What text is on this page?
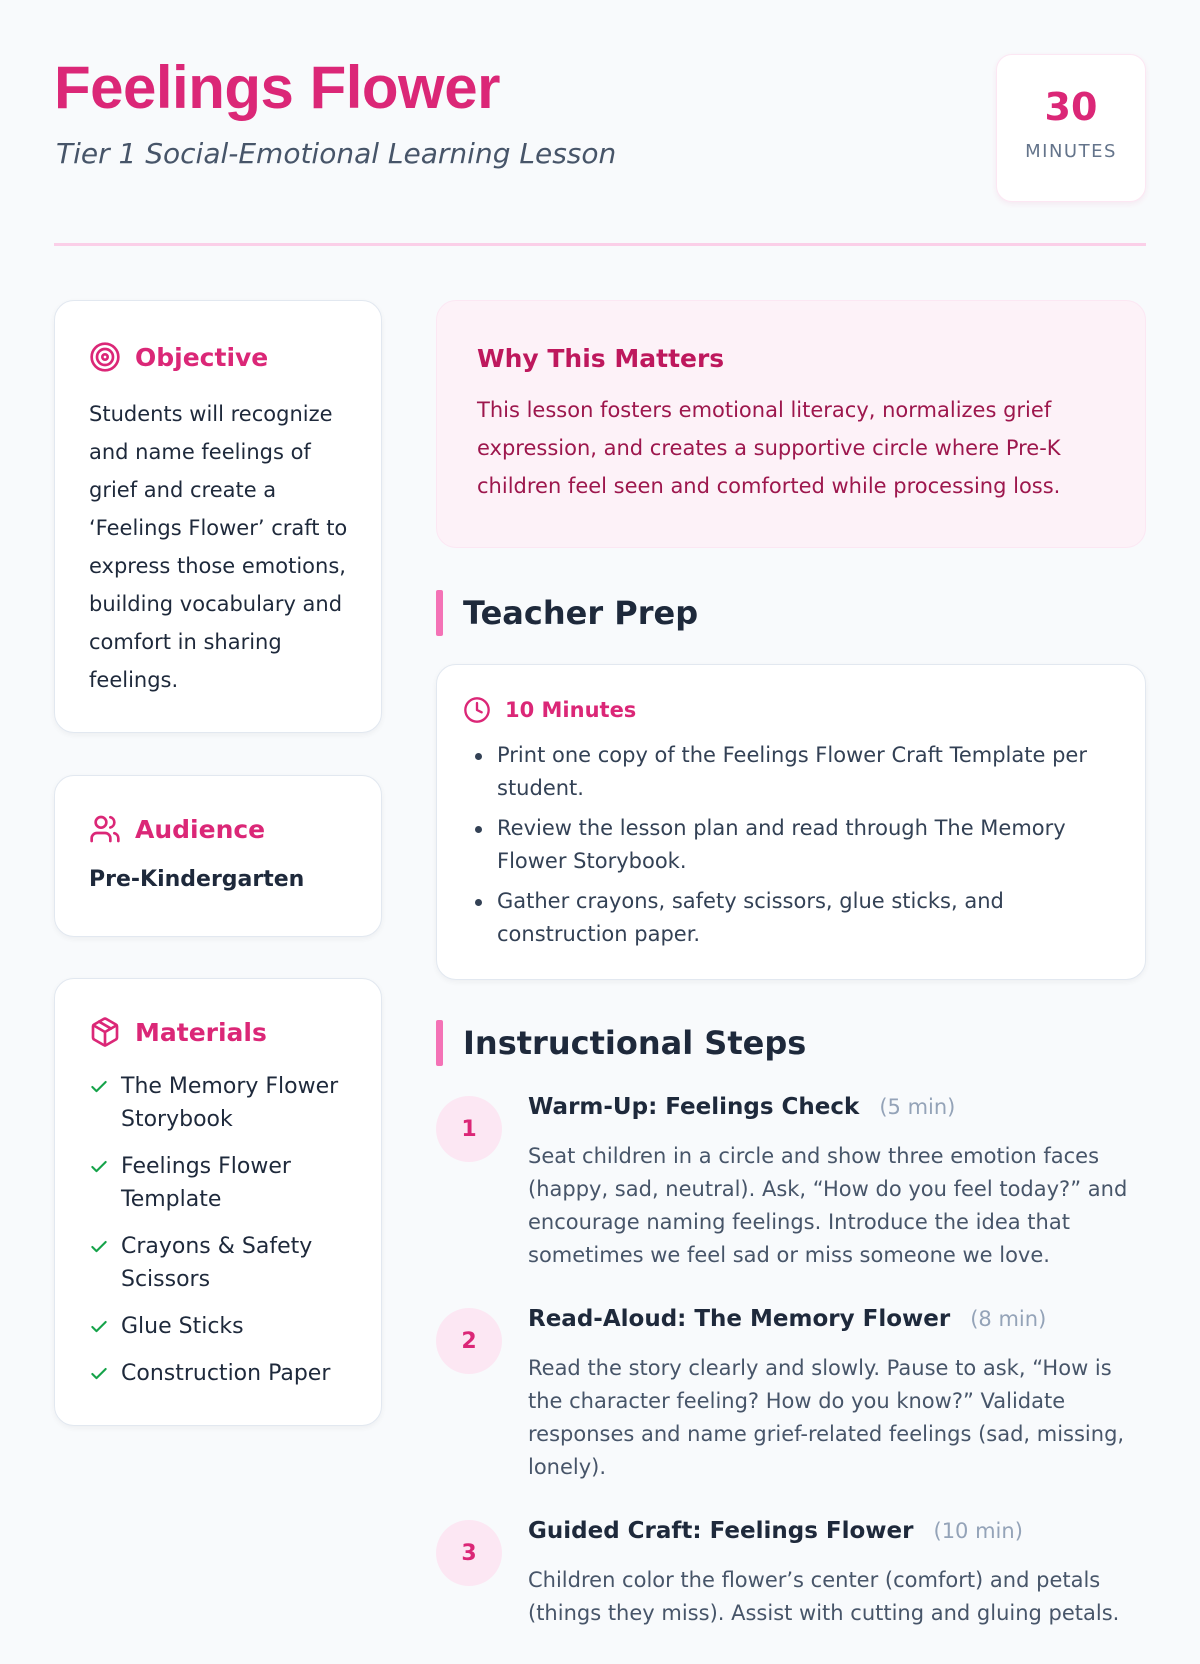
Feelings Flower
Tier 1 Social-Emotional Learning Lesson
30
MINUTES
Objective

Students will recognize and name feelings of grief and create a ‘Feelings Flower’ craft to express those emotions, building vocabulary and comfort in sharing feelings.

Audience
Pre-Kindergarten
Materials
The Memory Flower Storybook
Feelings Flower Template
Crayons & Safety Scissors
Glue Sticks
Construction Paper
Why This Matters

This lesson fosters emotional literacy, normalizes grief expression, and creates a supportive circle where Pre-K children feel seen and comforted while processing loss.

Teacher Prep
10 Minutes
Print one copy of the Feelings Flower Craft Template per student.
Review the lesson plan and read through The Memory Flower Storybook.
Gather crayons, safety scissors, glue sticks, and construction paper.
Instructional Steps
1
Warm-Up: Feelings Check (5 min)

Seat children in a circle and show three emotion faces (happy, sad, neutral). Ask, “How do you feel today?” and encourage naming feelings. Introduce the idea that sometimes we feel sad or miss someone we love.

2
Read-Aloud: The Memory Flower (8 min)

Read the story clearly and slowly. Pause to ask, “How is the character feeling? How do you know?” Validate responses and name grief-related feelings (sad, missing, lonely).

3
Guided Craft: Feelings Flower (10 min)

Children color the flower’s center (comfort) and petals (things they miss). Assist with cutting and gluing petals.
